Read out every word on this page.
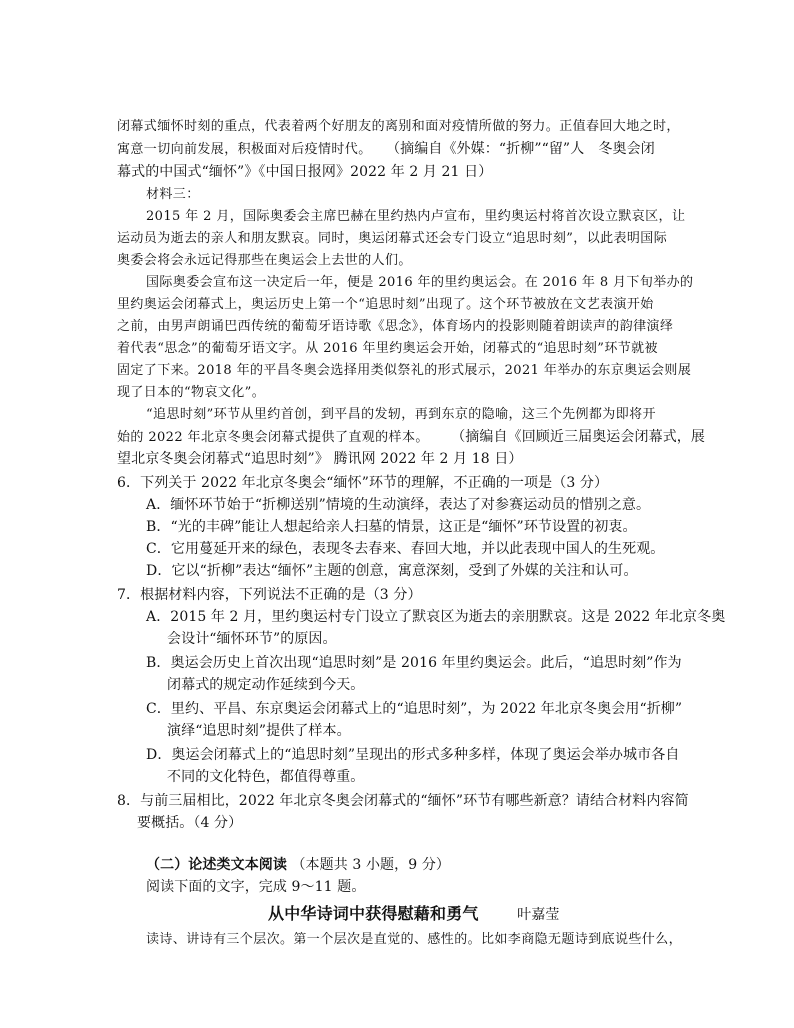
闭幕式缅怀时刻的重点，代表着两个好朋友的离别和面对疫情所做的努力。正值春回大地之时，
寓意一切向前发展，积极面对后疫情时代。 （摘编自《外媒：“折柳”“留”人　冬奥会闭
幕式的中国式“缅怀”》《中国日报网》2022 年 2 月 21 日）
材料三：
2015 年 2 月，国际奥委会主席巴赫在里约热内卢宣布，里约奥运村将首次设立默哀区，让
运动员为逝去的亲人和朋友默哀。同时，奥运闭幕式还会专门设立“追思时刻”，以此表明国际
奥委会将会永远记得那些在奥运会上去世的人们。
国际奥委会宣布这一决定后一年，便是 2016 年的里约奥运会。在 2016 年 8 月下旬举办的
里约奥运会闭幕式上，奥运历史上第一个“追思时刻”出现了。这个环节被放在文艺表演开始
之前，由男声朗诵巴西传统的葡萄牙语诗歌《思念》，体育场内的投影则随着朗读声的韵律演绎
着代表“思念”的葡萄牙语文字。从 2016 年里约奥运会开始，闭幕式的“追思时刻”环节就被
固定了下来。2018 年的平昌冬奥会选择用类似祭礼的形式展示，2021 年举办的东京奥运会则展
现了日本的“物哀文化”。
“追思时刻”环节从里约首创，到平昌的发轫，再到东京的隐喻，这三个先例都为即将开
始的 2022 年北京冬奥会闭幕式提供了直观的样本。 （摘编自《回顾近三届奥运会闭幕式，展
望北京冬奥会闭幕式“追思时刻”》 腾讯网 2022 年 2 月 18 日）
6．下列关于 2022 年北京冬奥会“缅怀”环节的理解，不正确的一项是（3 分）
A．缅怀环节始于“折柳送别”情境的生动演绎，表达了对参赛运动员的惜别之意。
B．“光的丰碑”能让人想起给亲人扫墓的情景，这正是“缅怀”环节设置的初衷。
C．它用蔓延开来的绿色，表现冬去春来、春回大地，并以此表现中国人的生死观。
D．它以“折柳”表达“缅怀”主题的创意，寓意深刻，受到了外媒的关注和认可。
7．根据材料内容，下列说法不正确的是（3 分）
A．2015 年 2 月，里约奥运村专门设立了默哀区为逝去的亲朋默哀。这是 2022 年北京冬奥
会设计“缅怀环节”的原因。
B．奥运会历史上首次出现“追思时刻”是 2016 年里约奥运会。此后，“追思时刻”作为
闭幕式的规定动作延续到今天。
C．里约、平昌、东京奥运会闭幕式上的“追思时刻”，为 2022 年北京冬奥会用“折柳”
演绎“追思时刻”提供了样本。
D．奥运会闭幕式上的“追思时刻”呈现出的形式多种多样，体现了奥运会举办城市各自
不同的文化特色，都值得尊重。
8．与前三届相比，2022 年北京冬奥会闭幕式的“缅怀”环节有哪些新意？请结合材料内容简
要概括。（4 分）
（二）论述类文本阅读 （本题共 3 小题，9 分）
阅读下面的文字，完成 9～11 题。
从中华诗词中获得慰藉和勇气	叶嘉莹
读诗、讲诗有三个层次。第一个层次是直觉的、感性的。比如李商隐无题诗到底说些什么，
